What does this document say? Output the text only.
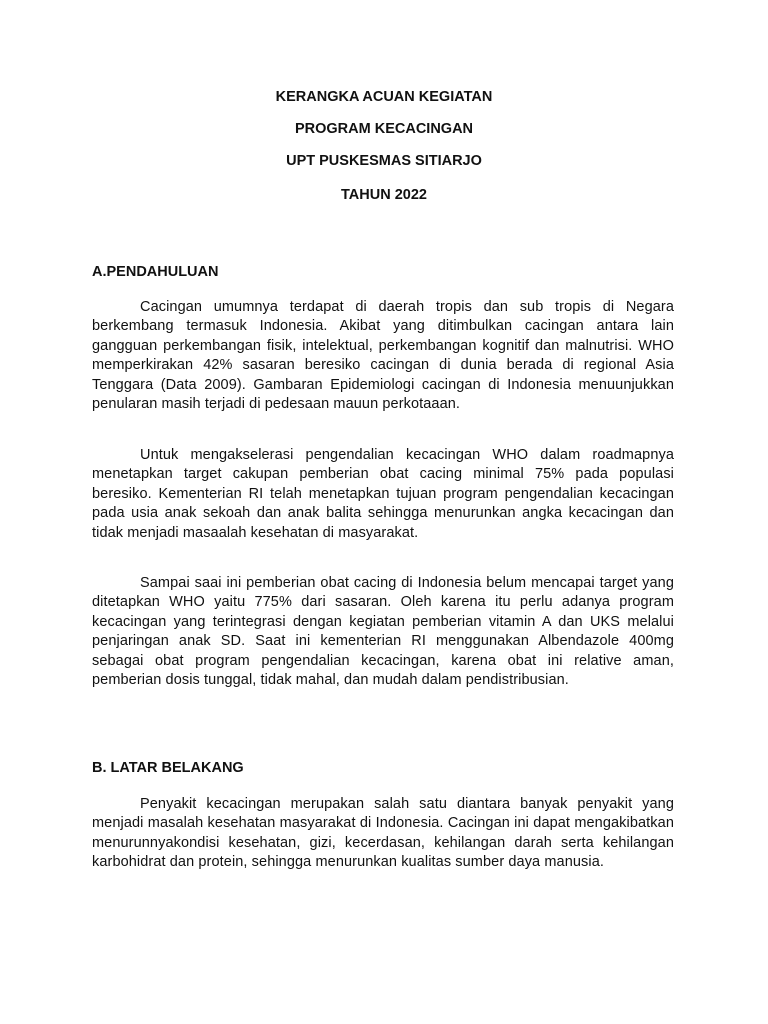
KERANGKA ACUAN KEGIATAN
PROGRAM KECACINGAN
UPT PUSKESMAS SITIARJO
TAHUN 2022
A.PENDAHULUAN

Cacingan umumnya terdapat di daerah tropis dan sub tropis di Negara berkembang termasuk Indonesia. Akibat yang ditimbulkan cacingan antara lain gangguan perkembangan fisik, intelektual, perkembangan kognitif dan malnutrisi. WHO memperkirakan 42% sasaran beresiko cacingan di dunia berada di regional Asia Tenggara (Data 2009). Gambaran Epidemiologi cacingan di Indonesia menuunjukkan penularan masih terjadi di pedesaan mauun perkotaaan.

Untuk mengakselerasi pengendalian kecacingan WHO dalam roadmapnya menetapkan target cakupan pemberian obat cacing minimal 75% pada populasi beresiko. Kementerian RI telah menetapkan tujuan program pengendalian kecacingan pada usia anak sekoah dan anak balita sehingga menurunkan angka kecacingan dan tidak menjadi masaalah kesehatan di masyarakat.

Sampai saai ini pemberian obat cacing di Indonesia belum mencapai target yang ditetapkan WHO yaitu 775% dari sasaran. Oleh karena itu perlu adanya program kecacingan yang terintegrasi dengan kegiatan pemberian vitamin A dan UKS melalui penjaringan anak SD. Saat ini kementerian RI menggunakan Albendazole 400mg sebagai obat program pengendalian kecacingan, karena obat ini relative aman, pemberian dosis tunggal, tidak mahal, dan mudah dalam pendistribusian.

B. LATAR BELAKANG

Penyakit kecacingan merupakan salah satu diantara banyak penyakit yang menjadi masalah kesehatan masyarakat di Indonesia. Cacingan ini dapat mengakibatkan menurunnyakondisi kesehatan, gizi, kecerdasan, kehilangan darah serta kehilangan karbohidrat dan protein, sehingga menurunkan kualitas sumber daya manusia.
